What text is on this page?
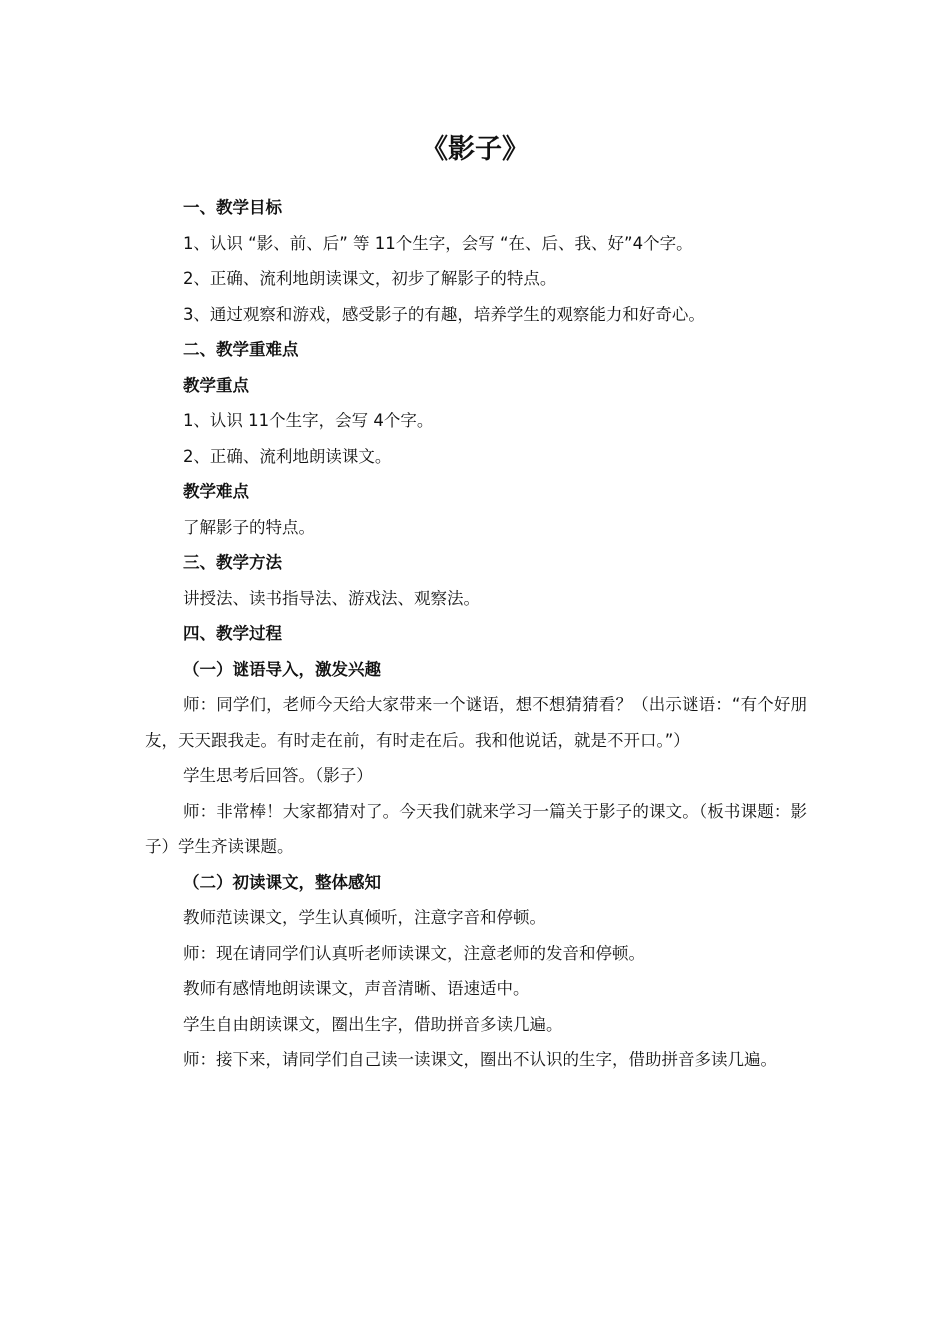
《影子》

一、教学目标

1、认识 “影、前、后” 等 11个生字，会写 “在、后、我、好”4个字。

2、正确、流利地朗读课文，初步了解影子的特点。

3、通过观察和游戏，感受影子的有趣，培养学生的观察能力和好奇心。

二、教学重难点

教学重点

1、认识 11个生字，会写 4个字。

2、正确、流利地朗读课文。

教学难点

了解影子的特点。

三、教学方法

讲授法、读书指导法、游戏法、观察法。

四、教学过程

（一）谜语导入，激发兴趣

师：同学们，老师今天给大家带来一个谜语，想不想猜猜看？（出示谜语：“有个好朋友，天天跟我走。有时走在前，有时走在后。我和他说话，就是不开口。”）

学生思考后回答。（影子）

师：非常棒！大家都猜对了。今天我们就来学习一篇关于影子的课文。（板书课题：影子）学生齐读课题。

（二）初读课文，整体感知

教师范读课文，学生认真倾听，注意字音和停顿。

师：现在请同学们认真听老师读课文，注意老师的发音和停顿。

教师有感情地朗读课文，声音清晰、语速适中。

学生自由朗读课文，圈出生字，借助拼音多读几遍。

师：接下来，请同学们自己读一读课文，圈出不认识的生字，借助拼音多读几遍。
